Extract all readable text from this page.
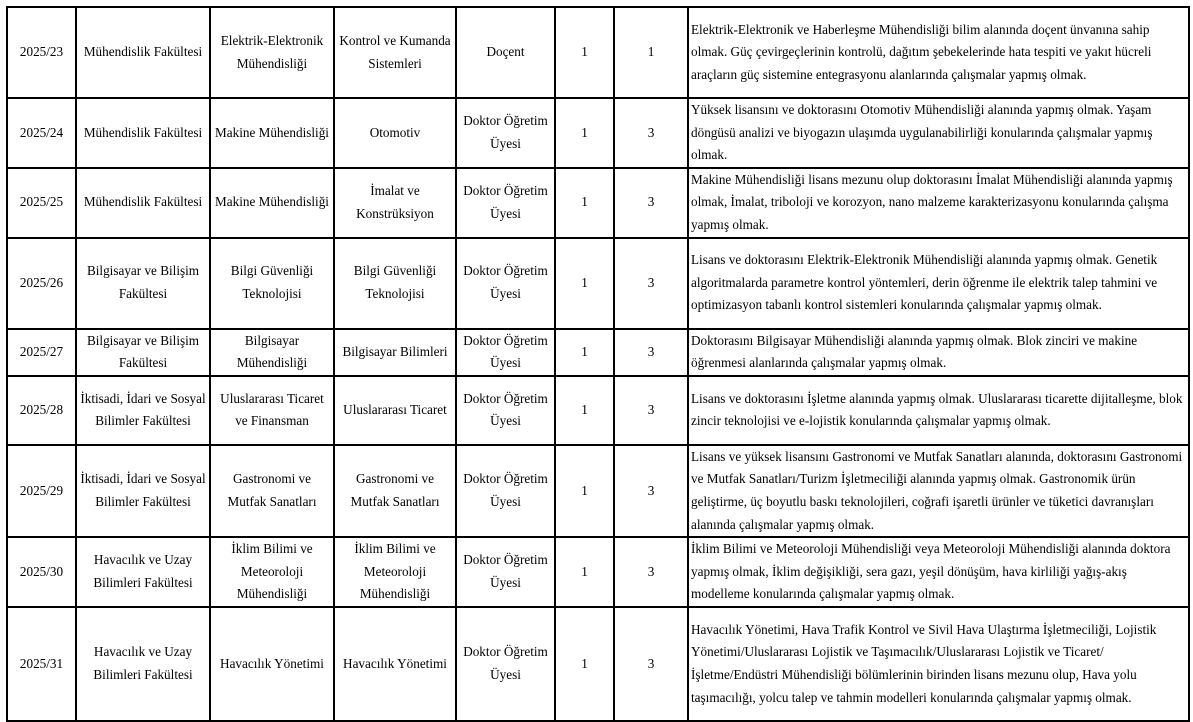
2025/23	Mühendislik Fakültesi	Elektrik-Elektronik Mühendisliği	Kontrol ve Kumanda Sistemleri	Doçent	1	1	Elektrik-Elektronik ve Haberleşme Mühendisliği bilim alanında doçent ünvanına sahip olmak. Güç çevirgeçlerinin kontrolü, dağıtım şebekelerinde hata tespiti ve yakıt hücreli araçların güç sistemine entegrasyonu alanlarında çalışmalar yapmış olmak.
2025/24	Mühendislik Fakültesi	Makine Mühendisliği	Otomotiv	Doktor Öğretim Üyesi	1	3	Yüksek lisansını ve doktorasını Otomotiv Mühendisliği alanında yapmış olmak. Yaşam döngüsü analizi ve biyogazın ulaşımda uygulanabilirliği konularında çalışmalar yapmış olmak.
2025/25	Mühendislik Fakültesi	Makine Mühendisliği	İmalat ve Konstrüksiyon	Doktor Öğretim Üyesi	1	3	Makine Mühendisliği lisans mezunu olup doktorasını İmalat Mühendisliği alanında yapmış olmak, İmalat, triboloji ve korozyon, nano malzeme karakterizasyonu konularında çalışma yapmış olmak.
2025/26	Bilgisayar ve Bilişim Fakültesi	Bilgi Güvenliği Teknolojisi	Bilgi Güvenliği Teknolojisi	Doktor Öğretim Üyesi	1	3	Lisans ve doktorasını Elektrik-Elektronik Mühendisliği alanında yapmış olmak. Genetik algoritmalarda parametre kontrol yöntemleri, derin öğrenme ile elektrik talep tahmini ve optimizasyon tabanlı kontrol sistemleri konularında çalışmalar yapmış olmak.
2025/27	Bilgisayar ve Bilişim Fakültesi	Bilgisayar Mühendisliği	Bilgisayar Bilimleri	Doktor Öğretim Üyesi	1	3	Doktorasını Bilgisayar Mühendisliği alanında yapmış olmak. Blok zinciri ve makine öğrenmesi alanlarında çalışmalar yapmış olmak.
2025/28	İktisadi, İdari ve Sosyal Bilimler Fakültesi	Uluslararası Ticaret ve Finansman	Uluslararası Ticaret	Doktor Öğretim Üyesi	1	3	Lisans ve doktorasını İşletme alanında yapmış olmak. Uluslararası ticarette dijitalleşme, blok zincir teknolojisi ve e-lojistik konularında çalışmalar yapmış olmak.
2025/29	İktisadi, İdari ve Sosyal Bilimler Fakültesi	Gastronomi ve Mutfak Sanatları	Gastronomi ve Mutfak Sanatları	Doktor Öğretim Üyesi	1	3	Lisans ve yüksek lisansını Gastronomi ve Mutfak Sanatları alanında, doktorasını Gastronomi ve Mutfak Sanatları/Turizm İşletmeciliği alanında yapmış olmak. Gastronomik ürün geliştirme, üç boyutlu baskı teknolojileri, coğrafi işaretli ürünler ve tüketici davranışları alanında çalışmalar yapmış olmak.
2025/30	Havacılık ve Uzay Bilimleri Fakültesi	İklim Bilimi ve Meteoroloji Mühendisliği	İklim Bilimi ve Meteoroloji Mühendisliği	Doktor Öğretim Üyesi	1	3	İklim Bilimi ve Meteoroloji Mühendisliği veya Meteoroloji Mühendisliği alanında doktora yapmış olmak, İklim değişikliği, sera gazı, yeşil dönüşüm, hava kirliliği yağış-akış modelleme konularında çalışmalar yapmış olmak.
2025/31	Havacılık ve Uzay Bilimleri Fakültesi	Havacılık Yönetimi	Havacılık Yönetimi	Doktor Öğretim Üyesi	1	3	Havacılık Yönetimi, Hava Trafik Kontrol ve Sivil Hava Ulaştırma İşletmeciliği, Lojistik Yönetimi/Uluslararası Lojistik ve Taşımacılık/Uluslararası Lojistik ve Ticaret/İşletme/Endüstri Mühendisliği bölümlerinin birinden lisans mezunu olup, Hava yolu taşımacılığı, yolcu talep ve tahmin modelleri konularında çalışmalar yapmış olmak.
